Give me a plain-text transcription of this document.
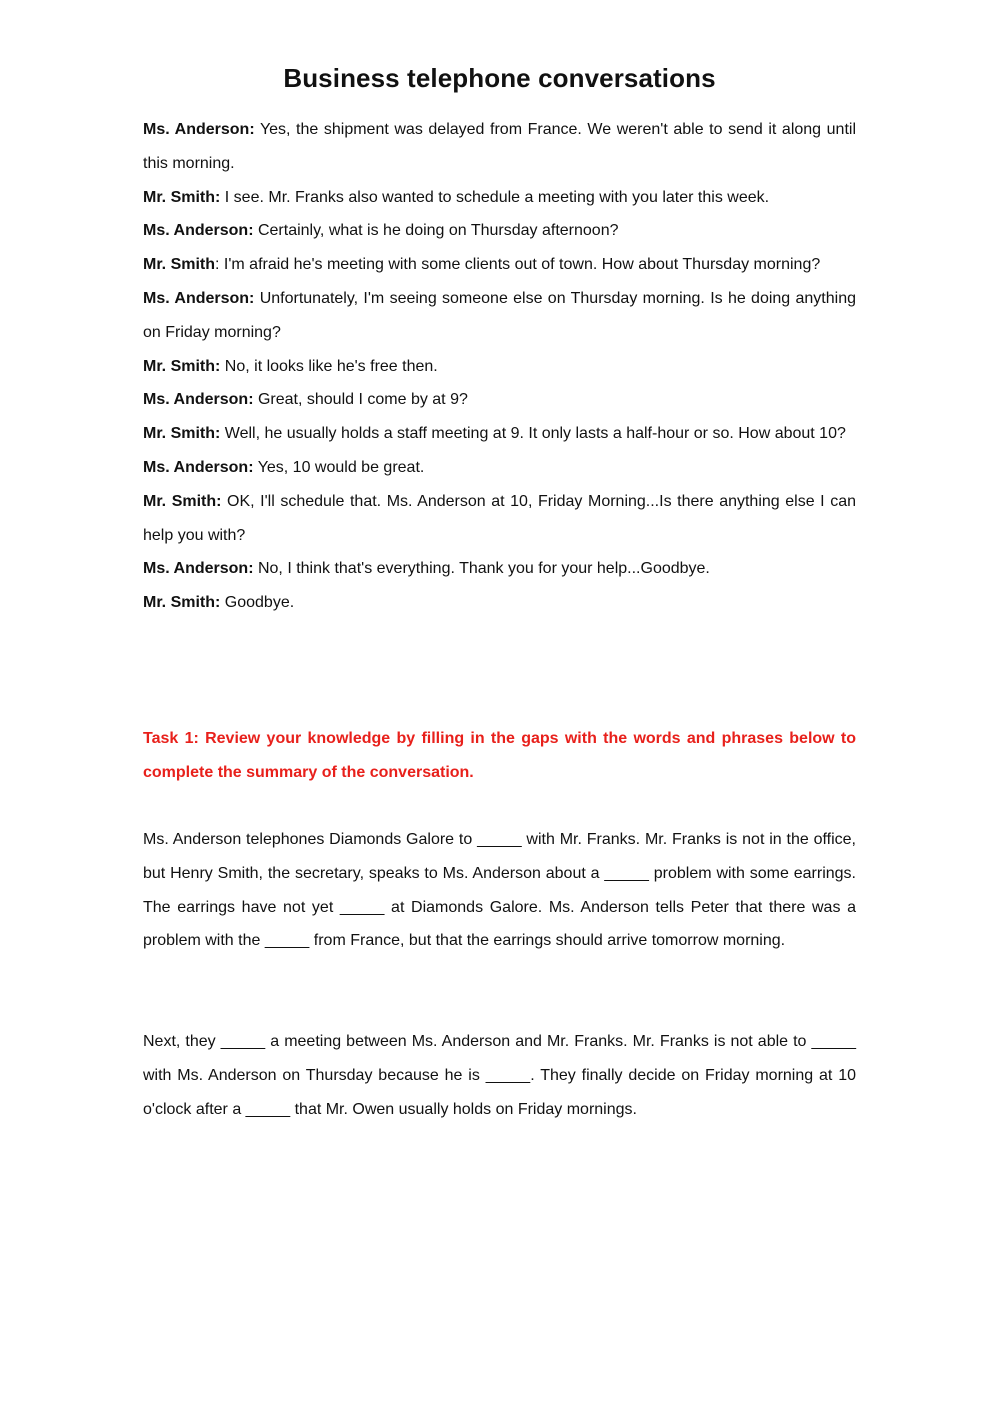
Business telephone conversations

Ms. Anderson: Yes, the shipment was delayed from France. We weren't able to send it along until this morning.

Mr. Smith: I see. Mr. Franks also wanted to schedule a meeting with you later this week.

Ms. Anderson: Certainly, what is he doing on Thursday afternoon?

Mr. Smith: I'm afraid he's meeting with some clients out of town. How about Thursday morning?

Ms. Anderson: Unfortunately, I'm seeing someone else on Thursday morning. Is he doing anything on Friday morning?

Mr. Smith: No, it looks like he's free then.

Ms. Anderson: Great, should I come by at 9?

Mr. Smith: Well, he usually holds a staff meeting at 9. It only lasts a half-hour or so. How about 10?

Ms. Anderson: Yes, 10 would be great.

Mr. Smith: OK, I'll schedule that. Ms. Anderson at 10, Friday Morning...Is there anything else I can help you with?

Ms. Anderson: No, I think that's everything. Thank you for your help...Goodbye.

Mr. Smith: Goodbye.

Task 1: Review your knowledge by filling in the gaps with the words and phrases below to complete the summary of the conversation.

Ms. Anderson telephones Diamonds Galore to _____ with Mr. Franks. Mr. Franks is not in the office, but Henry Smith, the secretary, speaks to Ms. Anderson about a _____ problem with some earrings. The earrings have not yet _____ at Diamonds Galore. Ms. Anderson tells Peter that there was a problem with the _____ from France, but that the earrings should arrive tomorrow morning.

Next, they _____ a meeting between Ms. Anderson and Mr. Franks. Mr. Franks is not able to _____ with Ms. Anderson on Thursday because he is _____. They finally decide on Friday morning at 10 o'clock after a _____ that Mr. Owen usually holds on Friday mornings.
